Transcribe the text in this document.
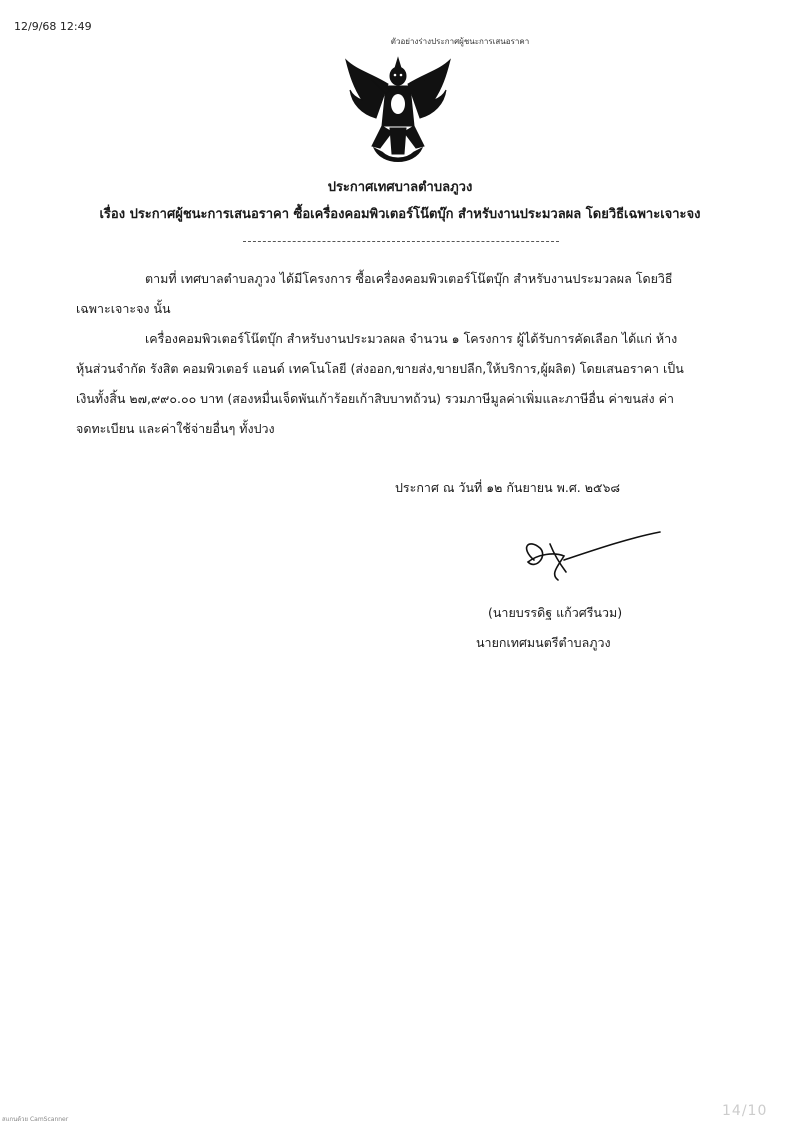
12/9/68 12:49
ตัวอย่างร่างประกาศผู้ชนะการเสนอราคา
ประกาศเทศบาลตำบลภูวง
เรื่อง ประกาศผู้ชนะการเสนอราคา ซื้อเครื่องคอมพิวเตอร์โน๊ตบุ๊ก สำหรับงานประมวลผล โดยวิธีเฉพาะเจาะจง
ตามที่ เทศบาลตำบลภูวง ได้มีโครงการ ซื้อเครื่องคอมพิวเตอร์โน๊ตบุ๊ก สำหรับงานประมวลผล โดยวิธี
เฉพาะเจาะจง นั้น
เครื่องคอมพิวเตอร์โน๊ตบุ๊ก สำหรับงานประมวลผล จำนวน ๑ โครงการ ผู้ได้รับการคัดเลือก ได้แก่ ห้าง
หุ้นส่วนจำกัด รังสิต คอมพิวเตอร์ แอนด์ เทคโนโลยี (ส่งออก,ขายส่ง,ขายปลีก,ให้บริการ,ผู้ผลิต) โดยเสนอราคา เป็น
เงินทั้งสิ้น ๒๗,๙๙๐.๐๐ บาท (สองหมื่นเจ็ดพันเก้าร้อยเก้าสิบบาทถ้วน) รวมภาษีมูลค่าเพิ่มและภาษีอื่น ค่าขนส่ง ค่า
จดทะเบียน และค่าใช้จ่ายอื่นๆ ทั้งปวง
ประกาศ ณ วันที่ ๑๒ กันยายน พ.ศ. ๒๕๖๘
(นายบรรดิฐ แก้วศรีนวม)
นายกเทศมนตรีตำบลภูวง
สแกนด้วย CamScanner
14/10
